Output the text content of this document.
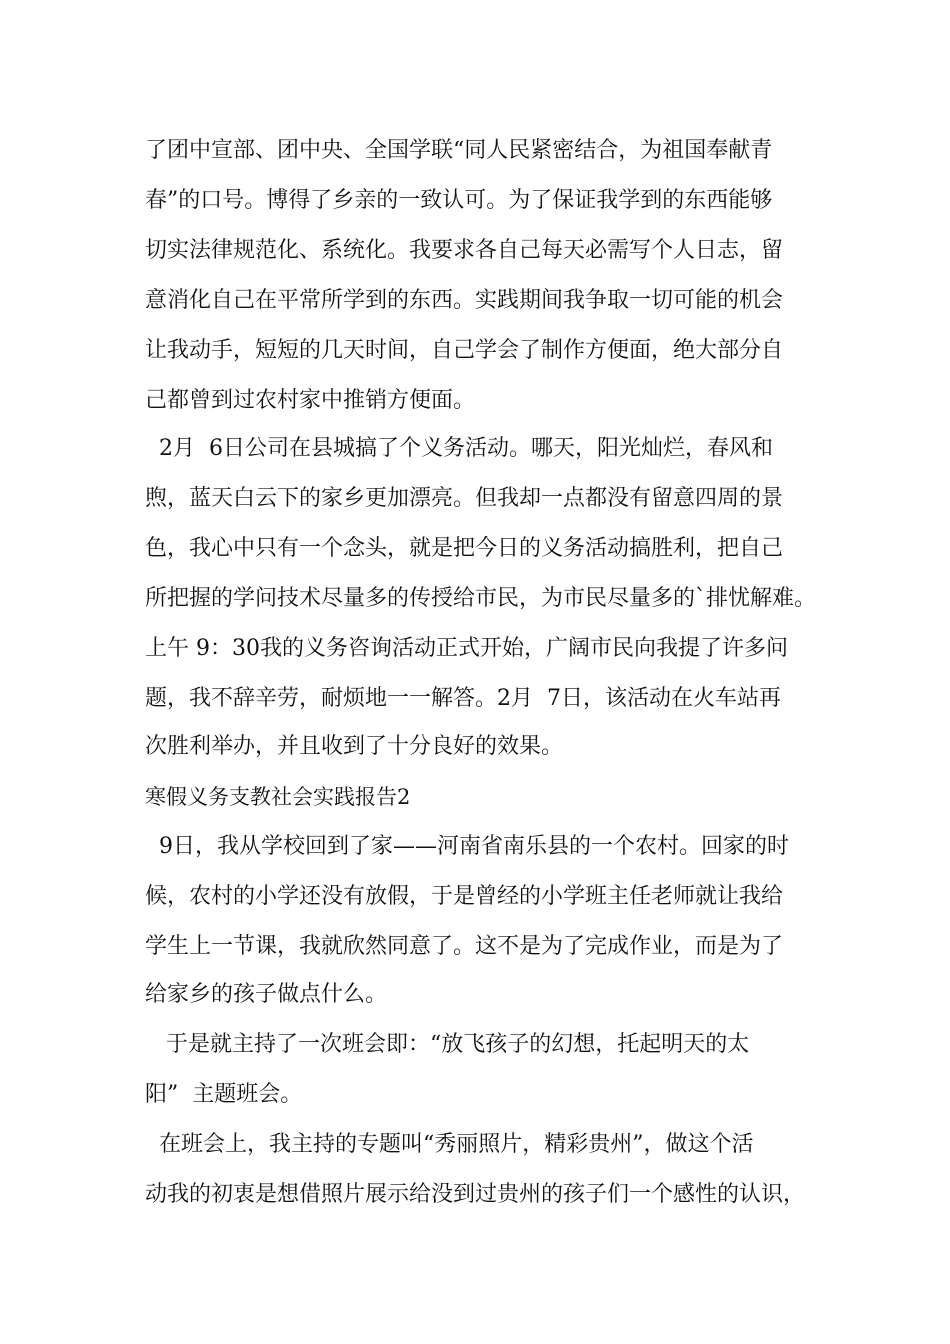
了团中宣部、团中央、全国学联“同人民紧密结合，为祖国奉献青
春”的口号。博得了乡亲的一致认可。为了保证我学到的东西能够
切实法律规范化、系统化。我要求各自己每天必需写个人日志，留
意消化自己在平常所学到的东西。实践期间我争取一切可能的机会
让我动手，短短的几天时间，自己学会了制作方便面，绝大部分自
己都曾到过农村家中推销方便面。
2月  6日公司在县城搞了个义务活动。哪天，阳光灿烂，春风和
煦，蓝天白云下的家乡更加漂亮。但我却一点都没有留意四周的景
色，我心中只有一个念头，就是把今日的义务活动搞胜利，把自己
所把握的学问技术尽量多的传授给市民，为市民尽量多的`排忧解难。
上午 9：30我的义务咨询活动正式开始，广阔市民向我提了许多问
题，我不辞辛劳，耐烦地一一解答。2月  7日，该活动在火车站再
次胜利举办，并且收到了十分良好的效果。
寒假义务支教社会实践报告2
9日，我从学校回到了家——河南省南乐县的一个农村。回家的时
候，农村的小学还没有放假，于是曾经的小学班主任老师就让我给
学生上一节课，我就欣然同意了。这不是为了完成作业，而是为了
给家乡的孩子做点什么。
于是就主持了一次班会即：“放飞孩子的幻想，托起明天的太
阳”  主题班会。
在班会上，我主持的专题叫“秀丽照片，精彩贵州”，做这个活
动我的初衷是想借照片展示给没到过贵州的孩子们一个感性的认识，
